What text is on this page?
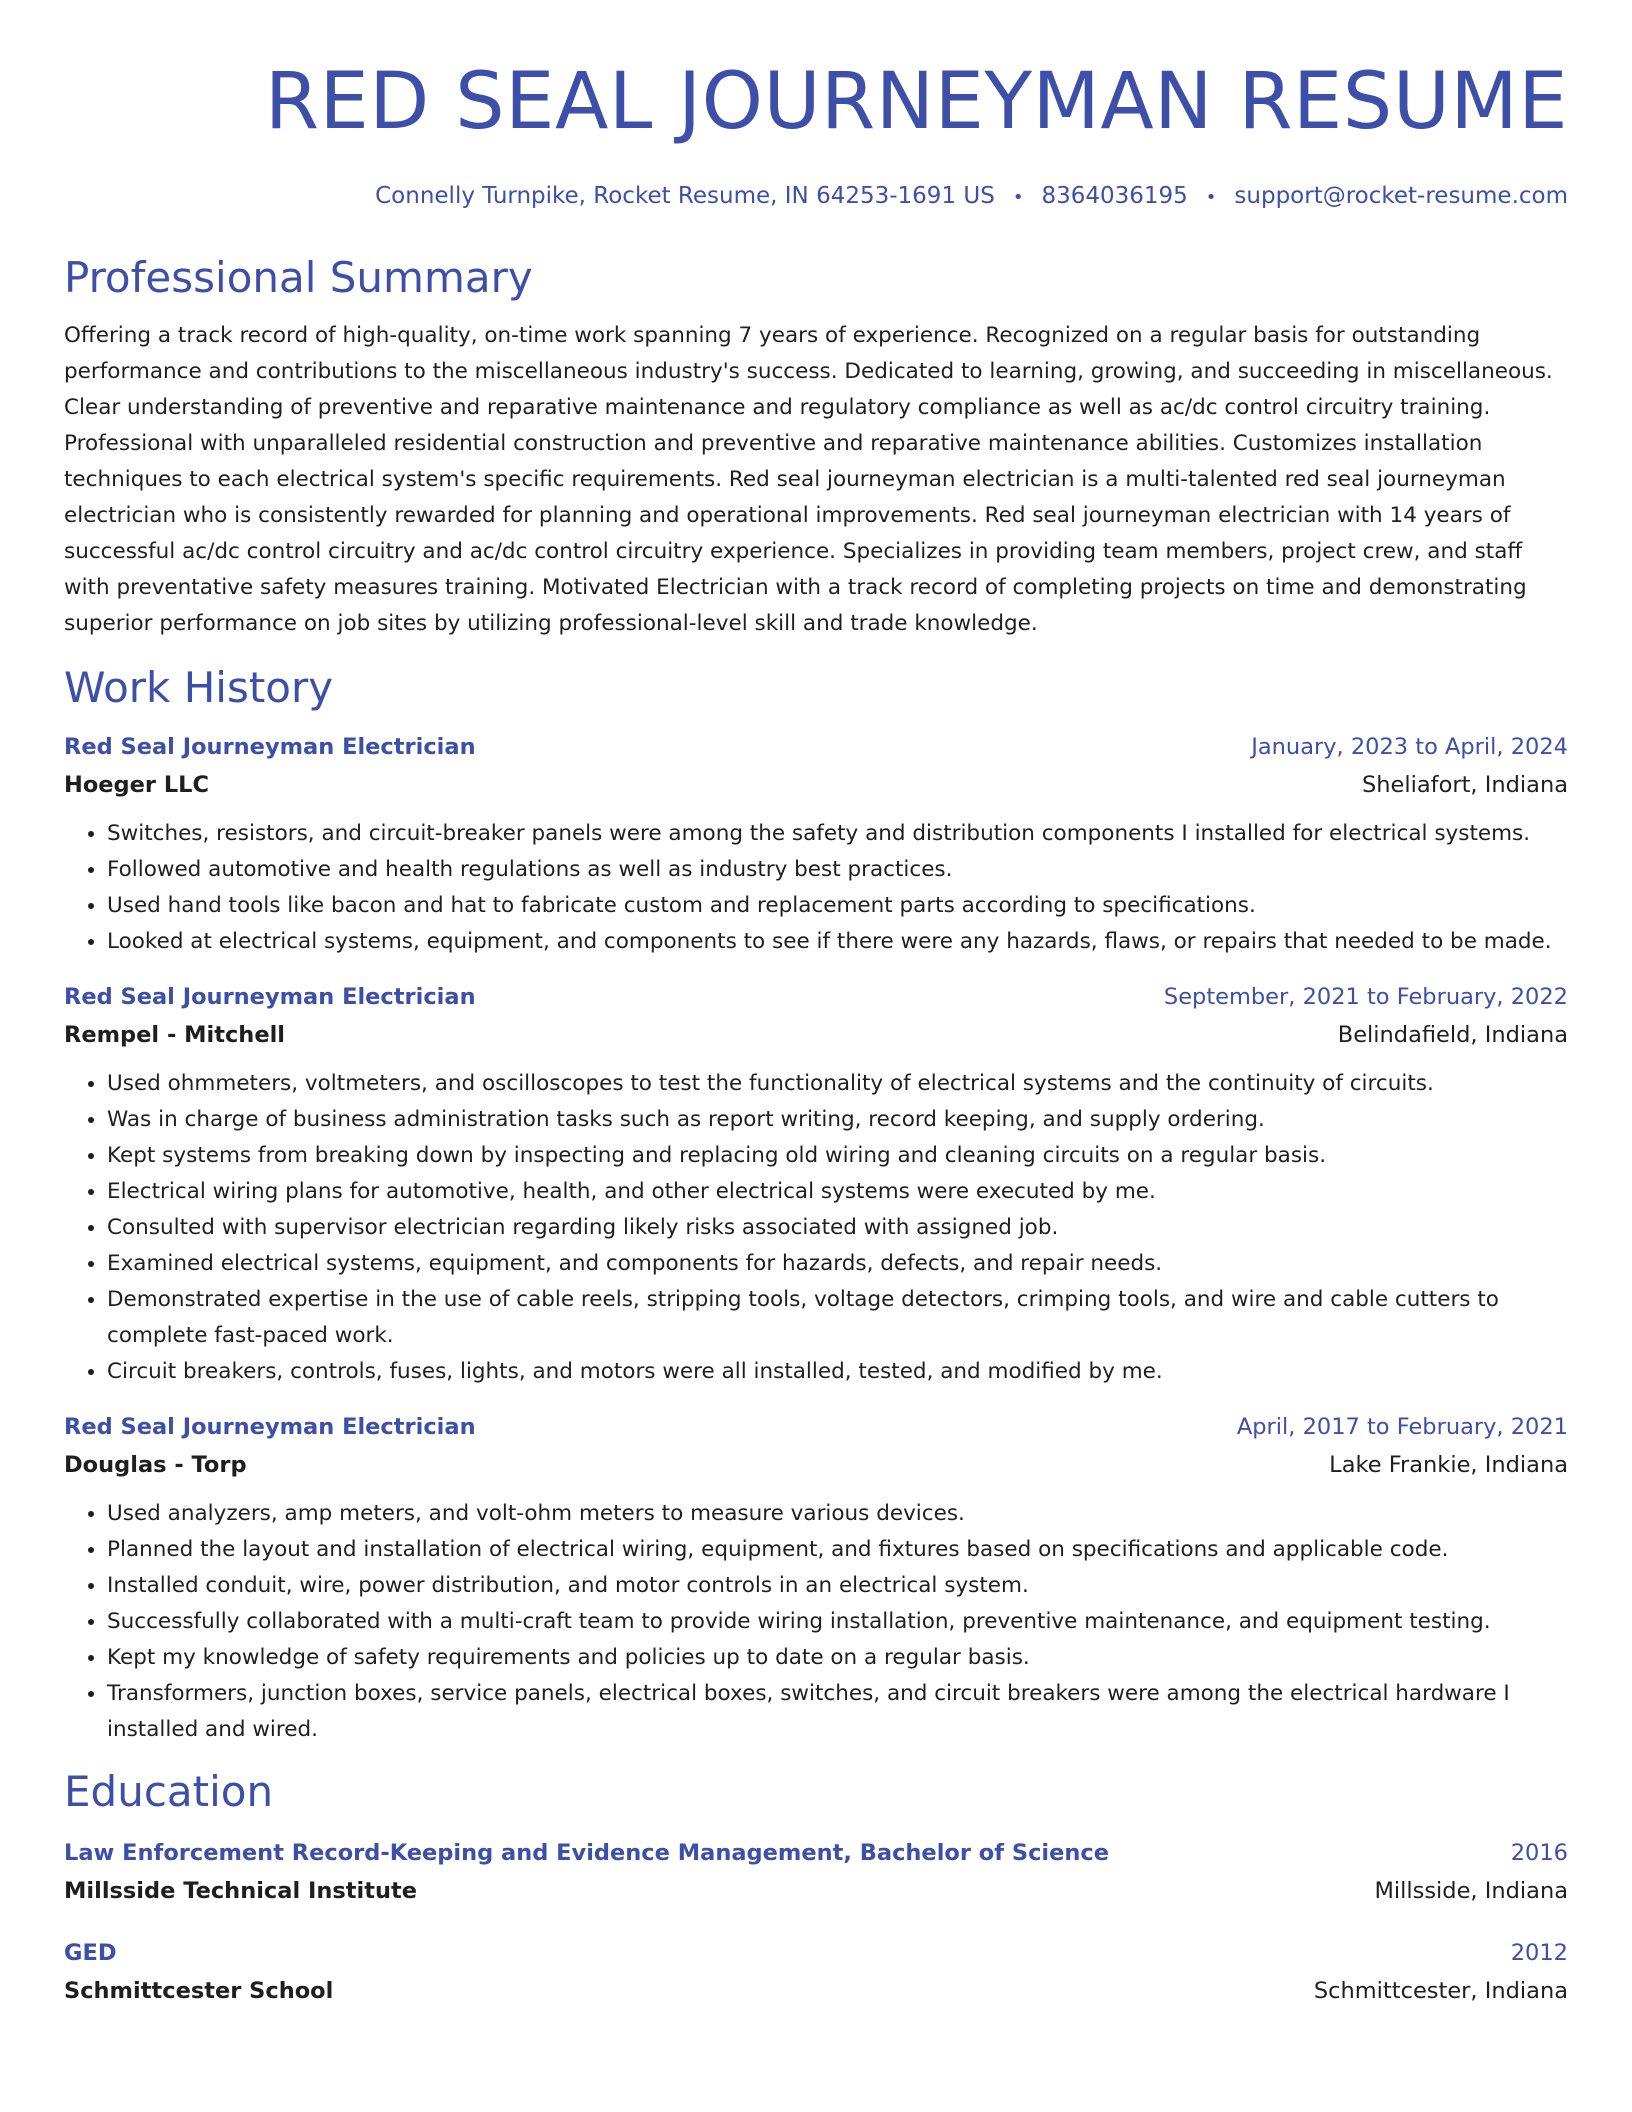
RED SEAL JOURNEYMAN RESUME
Connelly Turnpike, Rocket Resume, IN 64253-1691 US • 8364036195 • support@rocket-resume.com
Professional Summary

Offering a track record of high-quality, on-time work spanning 7 years of experience. Recognized on a regular basis for outstanding performance and contributions to the miscellaneous industry's success. Dedicated to learning, growing, and succeeding in miscellaneous. Clear understanding of preventive and reparative maintenance and regulatory compliance as well as ac/dc control circuitry training. Professional with unparalleled residential construction and preventive and reparative maintenance abilities. Customizes installation techniques to each electrical system's specific requirements. Red seal journeyman electrician is a multi-talented red seal journeyman electrician who is consistently rewarded for planning and operational improvements. Red seal journeyman electrician with 14 years of successful ac/dc control circuitry and ac/dc control circuitry experience. Specializes in providing team members, project crew, and staff with preventative safety measures training. Motivated Electrician with a track record of completing projects on time and demonstrating superior performance on job sites by utilizing professional-level skill and trade knowledge.

Work History
Red Seal Journeyman Electrician	January, 2023 to April, 2024
Hoeger LLC	Sheliafort, Indiana
• Switches, resistors, and circuit-breaker panels were among the safety and distribution components I installed for electrical systems.
• Followed automotive and health regulations as well as industry best practices.
• Used hand tools like bacon and hat to fabricate custom and replacement parts according to specifications.
• Looked at electrical systems, equipment, and components to see if there were any hazards, flaws, or repairs that needed to be made.
Red Seal Journeyman Electrician	September, 2021 to February, 2022
Rempel - Mitchell	Belindafield, Indiana
• Used ohmmeters, voltmeters, and oscilloscopes to test the functionality of electrical systems and the continuity of circuits.
• Was in charge of business administration tasks such as report writing, record keeping, and supply ordering.
• Kept systems from breaking down by inspecting and replacing old wiring and cleaning circuits on a regular basis.
• Electrical wiring plans for automotive, health, and other electrical systems were executed by me.
• Consulted with supervisor electrician regarding likely risks associated with assigned job.
• Examined electrical systems, equipment, and components for hazards, defects, and repair needs.
• Demonstrated expertise in the use of cable reels, stripping tools, voltage detectors, crimping tools, and wire and cable cutters to complete fast-paced work.
• Circuit breakers, controls, fuses, lights, and motors were all installed, tested, and modified by me.
Red Seal Journeyman Electrician	April, 2017 to February, 2021
Douglas - Torp	Lake Frankie, Indiana
• Used analyzers, amp meters, and volt-ohm meters to measure various devices.
• Planned the layout and installation of electrical wiring, equipment, and fixtures based on specifications and applicable code.
• Installed conduit, wire, power distribution, and motor controls in an electrical system.
• Successfully collaborated with a multi-craft team to provide wiring installation, preventive maintenance, and equipment testing.
• Kept my knowledge of safety requirements and policies up to date on a regular basis.
• Transformers, junction boxes, service panels, electrical boxes, switches, and circuit breakers were among the electrical hardware I installed and wired.
Education
Law Enforcement Record-Keeping and Evidence Management, Bachelor of Science	2016
Millsside Technical Institute	Millsside, Indiana
GED	2012
Schmittcester School	Schmittcester, Indiana
